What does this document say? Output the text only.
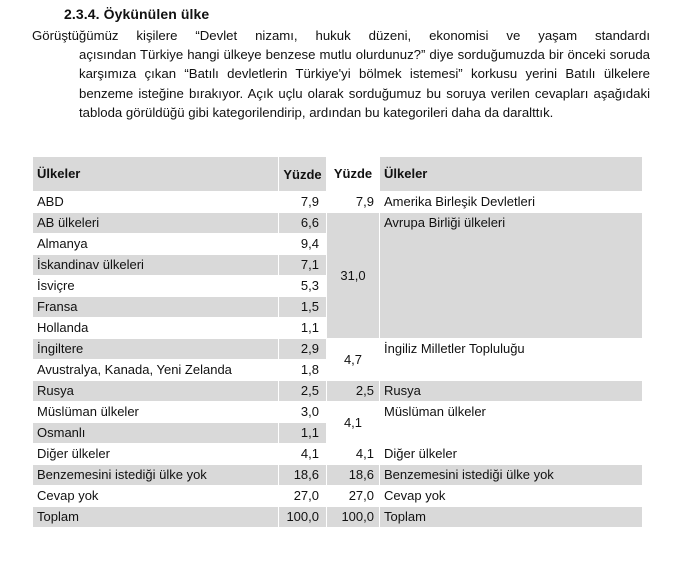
2.3.4. Öykünülen ülke

Görüştüğümüz kişilere “Devlet nizamı, hukuk düzeni, ekonomisi ve yaşam standardı
açısından Türkiye hangi ülkeye benzese mutlu olurdunuz?” diye sorduğumuzda bir önceki soruda karşımıza çıkan “Batılı devletlerin Türkiye'yi bölmek istemesi” korkusu yerini Batılı ülkelere benzeme isteğine bırakıyor. Açık uçlu olarak sorduğumuz bu soruya verilen cevapları aşağıdaki tabloda görüldüğü gibi kategorilendirip, ardından bu kategorileri daha da daralttık.

Ülkeler	Yüzde	Yüzde	Ülkeler
ABD	7,9	7,9	Amerika Birleşik Devletleri
AB ülkeleri	6,6	31,0	Avrupa Birliği ülkeleri
Almanya	9,4		
İskandinav ülkeleri	7,1		
İsviçre	5,3		
Fransa	1,5		
Hollanda	1,1		
İngiltere	2,9	4,7	İngiliz Milletler Topluluğu
Avustralya, Kanada, Yeni Zelanda	1,8		
Rusya	2,5	2,5	Rusya
Müslüman ülkeler	3,0	4,1	Müslüman ülkeler
Osmanlı	1,1		
Diğer ülkeler	4,1	4,1	Diğer ülkeler
Benzemesini istediği ülke yok	18,6	18,6	Benzemesini istediği ülke yok
Cevap yok	27,0	27,0	Cevap yok
Toplam	100,0	100,0	Toplam
